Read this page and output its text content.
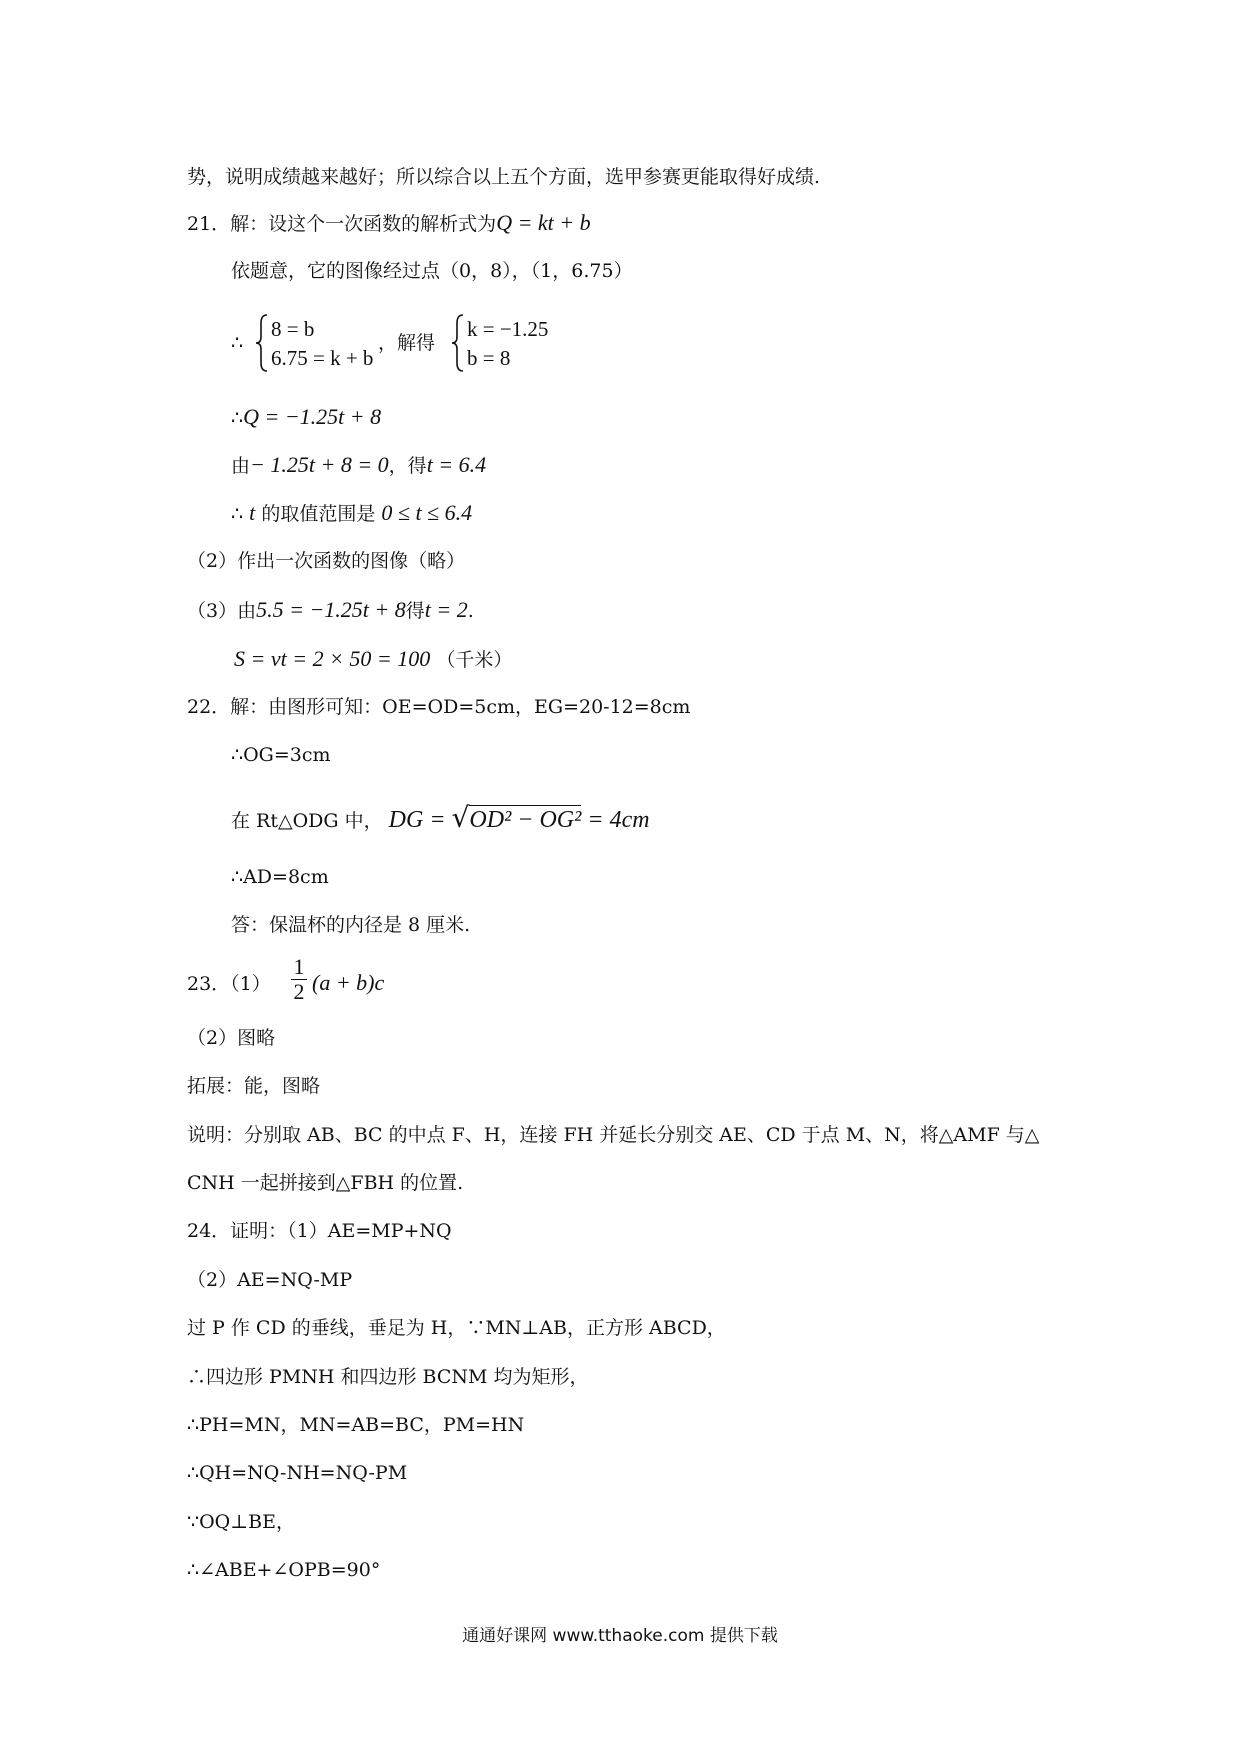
势，说明成绩越来越好；所以综合以上五个方面，选甲参赛更能取得好成绩.
21．解：设这个一次函数的解析式为Q = kt + b
依题意，它的图像经过点（0，8），（1，6.75）
∴
8 = b
6.75 = k + b
，解得
k = −1.25
b = 8
∴Q = −1.25t + 8
由− 1.25t + 8 = 0，得t = 6.4
∴ t 的取值范围是 0 ≤ t ≤ 6.4
（2）作出一次函数的图像（略）
（3）由5.5 = −1.25t + 8得t = 2.
S = vt = 2 × 50 = 100 （千米）
22．解：由图形可知：OE=OD=5cm，EG=20-12=8cm
∴OG=3cm
在 Rt△ODG 中， DG = √OD² − OG² = 4cm
∴AD=8cm
答：保温杯的内径是 8 厘米.
23．（1）
1
2 (a + b)c
（2）图略
拓展：能，图略
说明：分别取 AB、BC 的中点 F、H，连接 FH 并延长分别交 AE、CD 于点 M、N，将△AMF 与△
CNH 一起拼接到△FBH 的位置.
24．证明：（1）AE=MP+NQ
（2）AE=NQ-MP
过 P 作 CD 的垂线，垂足为 H，∵MN⊥AB，正方形 ABCD，
∴四边形 PMNH 和四边形 BCNM 均为矩形，
∴PH=MN，MN=AB=BC，PM=HN
∴QH=NQ-NH=NQ-PM
∵OQ⊥BE，
∴∠ABE+∠OPB=90°
通通好课网 www.tthaoke.com 提供下载
